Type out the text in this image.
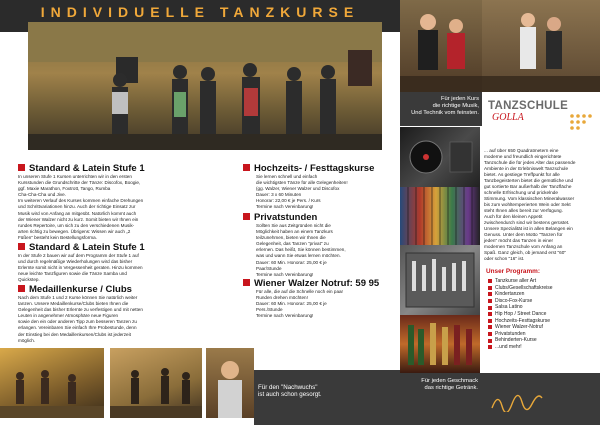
INDIVIDUELLE TANZKURSE
Standard & Latein Stufe 1

In unseren Stufe 1 Kursen unterrichten wir in den ersten

Kursstunden die Grundschritte der Tänze: Discofox, Boogie,

ggf. Maxie Marathon, Foxtrott, Tango, Rumba

Cha-Cha-Cha und Jive.

Im weiteren Verlauf des Kurses kommen einfache Drehungen

und Schrittvariationen hinzu. Auch der richtige Einsatz zur

Musik wird von Anfang an mitgeübt. Natürlich kommt auch

der Wiener Walzer nicht zu kurz. Somit bieten wir Ihnen ein

rundes Repertoire, um sich zu den verschiedenen Musik-

arten richtig zu bewegen. Übrigens: Wissen wir auch „2

Füßen“ besteht kein Bestellungsforma.

Standard & Latein Stufe 1

In der Stufe 2 bauen wir auf dem Programm der Stufe 1 auf

und durch regelmäßige Wiederholungen wird das bisher

Erlernte somit nicht in Vergessenheit geraten. Hinzu kommen

neue leichte Tanzfiguren sowie die Tänze Samba und

Quickstep.

Medaillenkurse / Clubs

Nach dem Stufe 1 und 2 Kurse können Sie natürlich weiter

tanzen. Unsere Medaillenkurse/Clubs bieten Ihnen die

Gelegenheit das bisher Erlernte zu verfestigen und mit netten

Leuten in angenehmer Atmosphäre neue Figuren

sowie den ein oder anderen Tipp zum besseren Tanzen zu

erlangen. Vereinbaren Sie einfach Ihre Probestunde, denn

der Einstieg bei den Medaillenkursen/Clubs ist jederzeit

möglich.

Hochzeits- / Festtagskurse

Sie lernen schnell und einfach

die wichtigsten Tänze für alle Gelegenheiten!

(gg. Walzer, Wiener Walzer und Discofox

Dauer: 3 x 60 Minuten

Honorar: 22,00 € je Pers. / Kurs

Termine nach Vereinbarung!

Privatstunden

Sollten Sie aus Zeitgründen nicht die

Möglichkeit haben an einem Tanzkurs

teilzunehmen, bieten wir Ihnen die

Gelegenheit, das Tanzen "privat" zu

erlernen. Das heißt, Sie können bestimmen,

was und wann Sie etwas lernen möchten.

Dauer: 60 Min. Honorar: 25,00 € je

Paar/Stunde

Termine nach Vereinbarung!

Wiener Walzer Notruf: 59 95

Für alle, die auf die Schnelle noch ein paar

Runden drehen möchten!

Dauer: 60 Min. Honorar: 25,00 € je

Pers./Stunde

Termine nach Vereinbarung!

Für den "Nachwuchs"
ist auch schon gesorgt.
Für jeden Kurs
die richtige Musik,
Und Technik vom feinsten.
TANZSCHULE
GOLLA
Für jeden Geschmack
das richtige Getränk.

... auf über 650 Quadratmetern eine

moderne und freundlich eingerichtete

Tanzschule die für jedes Alter das passende

Ambiente in der Erlebniswelt Tanzschule

bietet. As gestiege Treffpunkt für alle

Tanzbegeisterten bietet die gemütliche und

gut sortierte Bar außerhalb der Tanzfläche

schnelle Erfrischung und prickelnde

Stimmung. Vom klassischen Mineralwasser

bis zum wohltemperierten Wein oder Sekt

steht Ihnen alles bereit zur Verfügung.

Auch für den kleinen Appetit

zwischendurch sind wir bestens gerüstet.

Unsere Spezialität ist in allen Belangen ein

Genuss. Unter dem Motto "Tanzen für

jeden" möcht das Tanzen in einer

modernen Tanzschule vom Anfang an

Spaß. Ganz gleich, ob jemand erst "60"

oder schon "16" ist.

Unser Programm:
Tanzkurse aller Art
Clubs/Gesellschaftskreise
Kindertanzen
Disco-Fox-Kurse
Salsa Latino
Hip Hop / Street Dance
Hochzeits-Festtagskurse
Wiener Walzer-Notruf
Privatstunden
Behinderten-Kurse
...und mehr!
